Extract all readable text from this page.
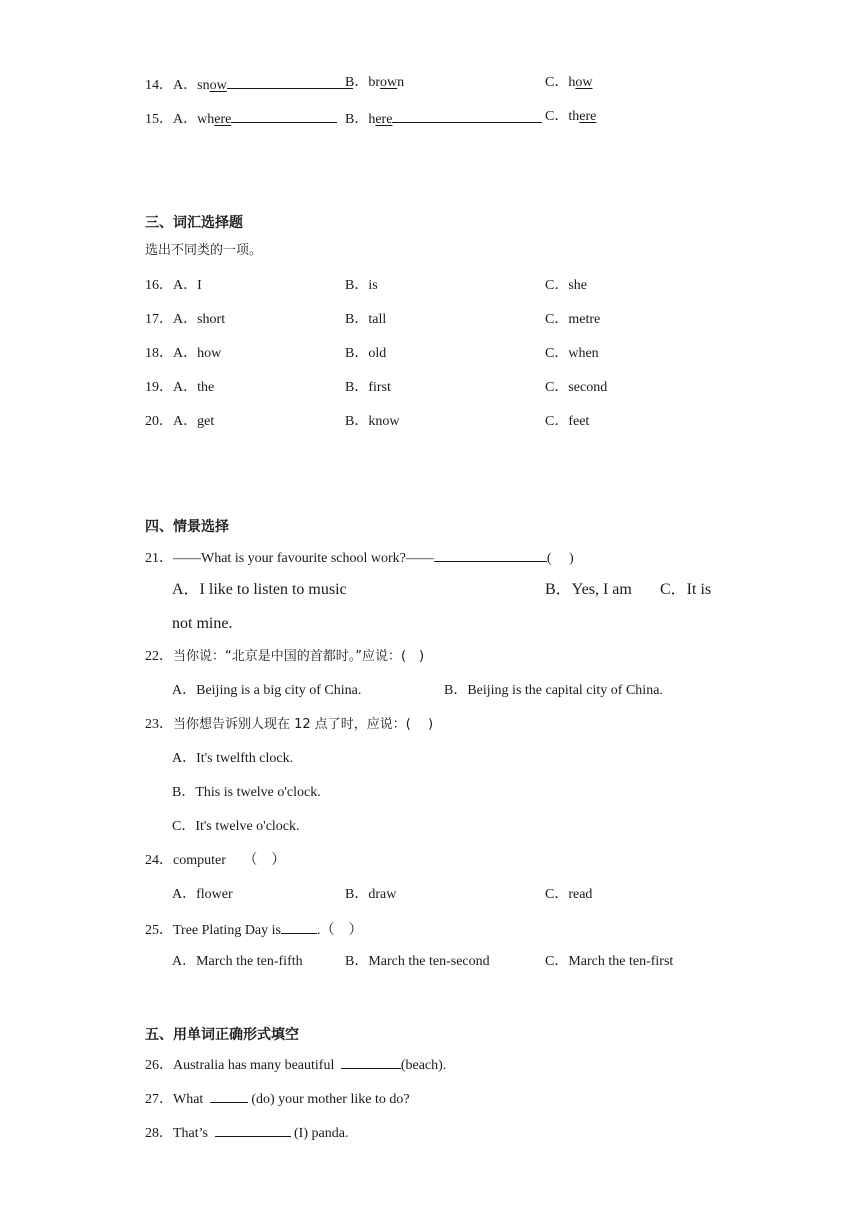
14．A．snow	B．brown	C．how
15．A．where	B．here	C．there
三、词汇选择题
选出不同类的一项。
16．A．I	B．is	C．she
17．A．short	B．tall	C．metre
18．A．how	B．old	C．when
19．A．the	B．first	C．second
20．A．get	B．know	C．feet
四、情景选择
21．——What is your favourite school work?——	(　 )
A．I like to listen to music	B．Yes, I am C．It is
not mine.
22．当你说：“北京是中国的首都时。”应说：(　)
A．Beijing is a big city of China.	B．Beijing is the capital city of China.
23．当你想告诉别人现在 12 点了时，应说：(　 )
A．It's twelfth clock.
B．This is twelve o'clock.
C．It's twelve o'clock.
24．computer　 （　）
A．flower	B．draw	C．read
25．Tree Plating Day is	.（　）
A．March the ten-fifth	B．March the ten-second	C．March the ten-first
五、用单词正确形式填空
26．Australia has many beautiful	(beach).
27．What	(do) your mother like to do?
28．That’s	(I) panda.
